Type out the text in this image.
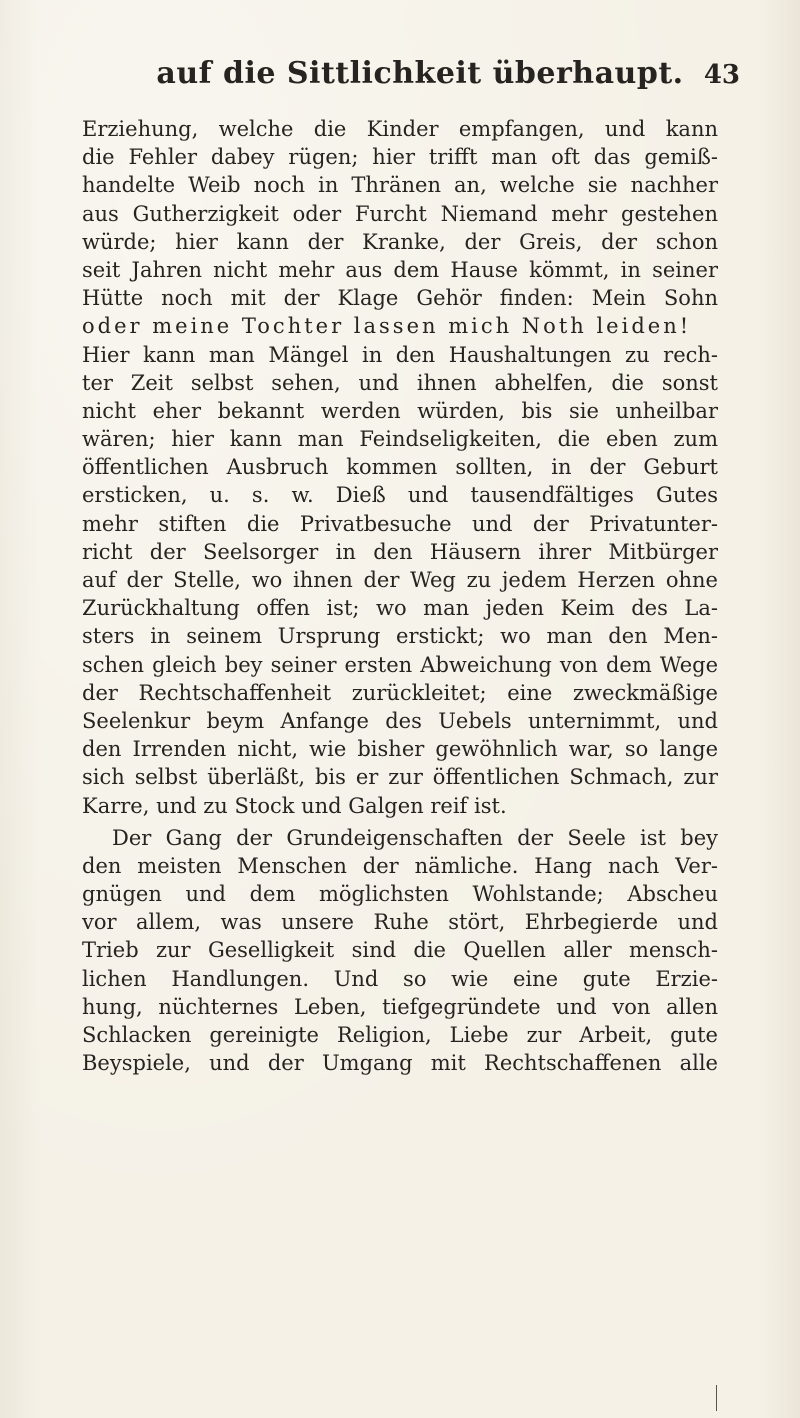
auf die Sittlichkeit überhaupt. 43
Erziehung, welche die Kinder empfangen, und kann
die Fehler dabey rügen; hier trifft man oft das gemiß-
handelte Weib noch in Thränen an, welche sie nachher
aus Gutherzigkeit oder Furcht Niemand mehr gestehen
würde; hier kann der Kranke, der Greis, der schon
seit Jahren nicht mehr aus dem Hause kömmt, in seiner
Hütte noch mit der Klage Gehör finden: Mein Sohn
oder meine Tochter lassen mich Noth leiden!
Hier kann man Mängel in den Haushaltungen zu rech-
ter Zeit selbst sehen, und ihnen abhelfen, die sonst
nicht eher bekannt werden würden, bis sie unheilbar
wären; hier kann man Feindseligkeiten, die eben zum
öffentlichen Ausbruch kommen sollten, in der Geburt
ersticken, u. s. w. Dieß und tausendfältiges Gutes
mehr stiften die Privatbesuche und der Privatunter-
richt der Seelsorger in den Häusern ihrer Mitbürger
auf der Stelle, wo ihnen der Weg zu jedem Herzen ohne
Zurückhaltung offen ist; wo man jeden Keim des La-
sters in seinem Ursprung erstickt; wo man den Men-
schen gleich bey seiner ersten Abweichung von dem Wege
der Rechtschaffenheit zurückleitet; eine zweckmäßige
Seelenkur beym Anfange des Uebels unternimmt, und
den Irrenden nicht, wie bisher gewöhnlich war, so lange
sich selbst überläßt, bis er zur öffentlichen Schmach, zur
Karre, und zu Stock und Galgen reif ist.
Der Gang der Grundeigenschaften der Seele ist bey
den meisten Menschen der nämliche. Hang nach Ver-
gnügen und dem möglichsten Wohlstande; Abscheu
vor allem, was unsere Ruhe stört, Ehrbegierde und
Trieb zur Geselligkeit sind die Quellen aller mensch-
lichen Handlungen. Und so wie eine gute Erzie-
hung, nüchternes Leben, tiefgegründete und von allen
Schlacken gereinigte Religion, Liebe zur Arbeit, gute
Beyspiele, und der Umgang mit Rechtschaffenen alle
